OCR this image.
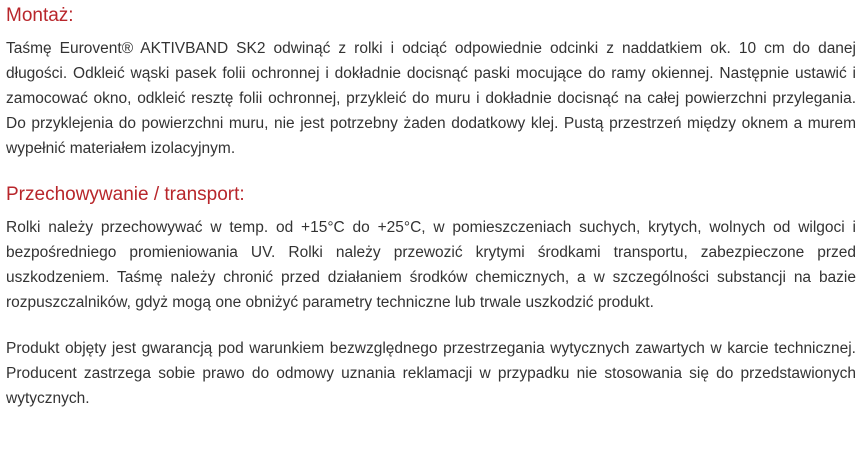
Montaż:

Taśmę Eurovent® AKTIVBAND SK2 odwinąć z rolki i odciąć odpowiednie odcinki z naddatkiem ok. 10 cm do danej długości. Odkleić wąski pasek folii ochronnej i dokładnie docisnąć paski mocujące do ramy okiennej. Następnie ustawić i zamocować okno, odkleić resztę folii ochronnej, przykleić do muru i dokładnie docisnąć na całej powierzchni przylegania. Do przyklejenia do powierzchni muru, nie jest potrzebny żaden dodatkowy klej. Pustą przestrzeń między oknem a murem wypełnić materiałem izolacyjnym.

Przechowywanie / transport:

Rolki należy przechowywać w temp. od +15°C do +25°C, w pomieszczeniach suchych, krytych, wolnych od wilgoci i bezpośredniego promieniowania UV. Rolki należy przewozić krytymi środkami transportu, zabezpieczone przed uszkodzeniem. Taśmę należy chronić przed działaniem środków chemicznych, a w szczególności substancji na bazie rozpuszczalników, gdyż mogą one obniżyć parametry techniczne lub trwale uszkodzić produkt.

Produkt objęty jest gwarancją pod warunkiem bezwzględnego przestrzegania wytycznych zawartych w karcie technicznej. Producent zastrzega sobie prawo do odmowy uznania reklamacji w przypadku nie stosowania się do przedstawionych wytycznych.
